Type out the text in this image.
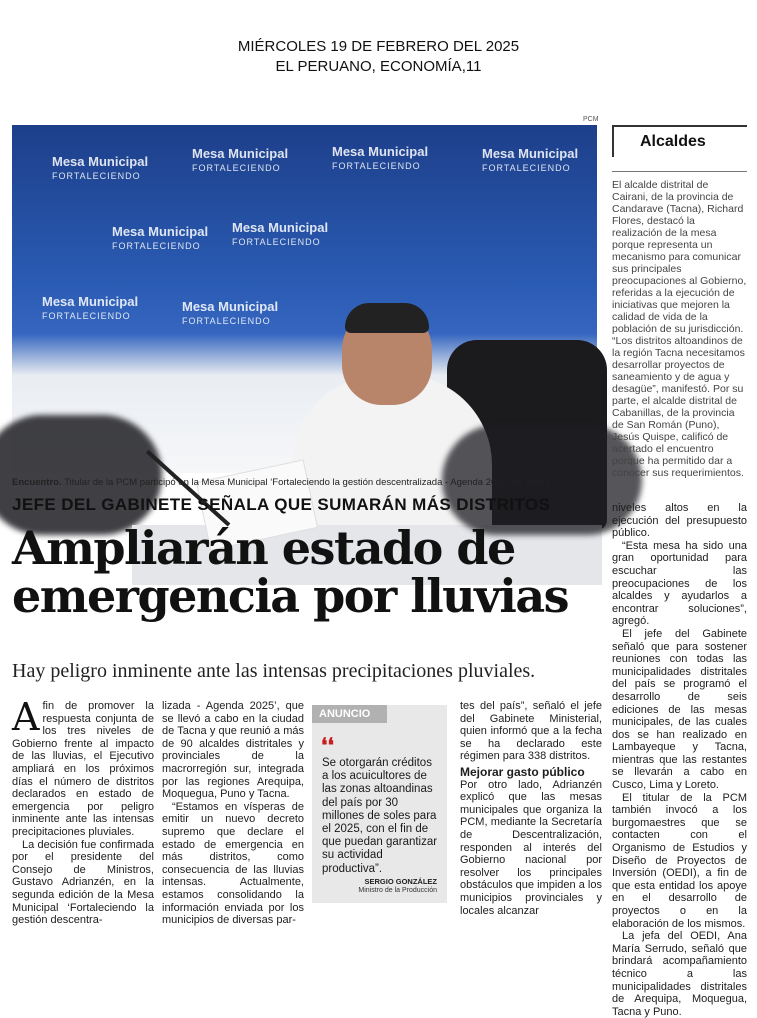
MIÉRCOLES 19 DE FEBRERO DEL 2025
EL PERUANO, ECONOMÍA,11
Mesa Municipal
FORTALECIENDO
Mesa Municipal
FORTALECIENDO
Mesa Municipal
FORTALECIENDO
Mesa Municipal
FORTALECIENDO
Mesa Municipal
FORTALECIENDO
Mesa Municipal
FORTALECIENDO
Mesa Municipal
FORTALECIENDO
Mesa Municipal
FORTALECIENDO
PCM
Encuentro. Titular de la PCM participó en la Mesa Municipal ‘Fortaleciendo la gestión descentralizada - Agenda 2025’ en Tacna.
JEFE DEL GABINETE SEÑALA QUE SUMARÁN MÁS DISTRITOS
Ampliarán estado de
emergencia por lluvias
Hay peligro inminente ante las intensas precipitaciones pluviales.

Afin de promover la respuesta conjunta de los tres niveles de Gobierno frente al impacto de las lluvias, el Ejecutivo ampliará en los próximos días el número de distritos declarados en estado de emergencia por peligro inminente ante las intensas precipitaciones pluviales.

La decisión fue confirmada por el presidente del Consejo de Ministros, Gustavo Adrianzén, en la segunda edición de la Mesa Municipal ‘Fortaleciendo la gestión descentra-

lizada - Agenda 2025’, que se llevó a cabo en la ciudad de Tacna y que reunió a más de 90 alcaldes distritales y provinciales de la macrorregión sur, integrada por las regiones Arequipa, Moquegua, Puno y Tacna.

“Estamos en vísperas de emitir un nuevo decreto supremo que declare el estado de emergencia en más distritos, como consecuencia de las lluvias intensas. Actualmente, estamos consolidando la información enviada por los municipios de diversas par-

ANUNCIO
❛❛
Se otorgarán créditos a los acuicultores de las zonas altoandinas del país por 30 millones de soles para el 2025, con el fin de que puedan garantizar su actividad productiva”.
SERGIO GONZÁLEZ
Ministro de la Producción

tes del país”, señaló el jefe del Gabinete Ministerial, quien informó que a la fecha se ha declarado este régimen para 338 distritos.

Mejorar gasto público

Por otro lado, Adrianzén explicó que las mesas municipales que organiza la PCM, mediante la Secretaría de Descentralización, responden al interés del Gobierno nacional por resolver los principales obstáculos que impiden a los municipios provinciales y locales alcanzar

niveles altos en la ejecución del presupuesto público.

“Esta mesa ha sido una gran oportunidad para escuchar las preocupaciones de los alcaldes y ayudarlos a encontrar soluciones”, agregó.

El jefe del Gabinete señaló que para sostener reuniones con todas las municipalidades distritales del país se programó el desarrollo de seis ediciones de las mesas municipales, de las cuales dos se han realizado en Lambayeque y Tacna, mientras que las restantes se llevarán a cabo en Cusco, Lima y Loreto.

El titular de la PCM también invocó a los burgomaestres que se contacten con el Organismo de Estudios y Diseño de Proyectos de Inversión (OEDI), a fin de que esta entidad los apoye en el desarrollo de proyectos o en la elaboración de los mismos.

La jefa del OEDI, Ana María Serrudo, señaló que brindará acompañamiento técnico a las municipalidades distritales de Arequipa, Moquegua, Tacna y Puno.

Alcaldes
El alcalde distrital de Cairani, de la provincia de Candarave (Tacna), Richard Flores, destacó la realización de la mesa porque representa un mecanismo para comunicar sus principales preocupaciones al Gobierno, referidas a la ejecución de iniciativas que mejoren la calidad de vida de la población de su jurisdicción. “Los distritos altoandinos de la región Tacna necesitamos desarrollar proyectos de saneamiento y de agua y desagüe”, manifestó. Por su parte, el alcalde distrital de Cabanillas, de la provincia de San Román (Puno), Jesús Quispe, calificó de acertado el encuentro porque ha permitido dar a conocer sus requerimientos.
